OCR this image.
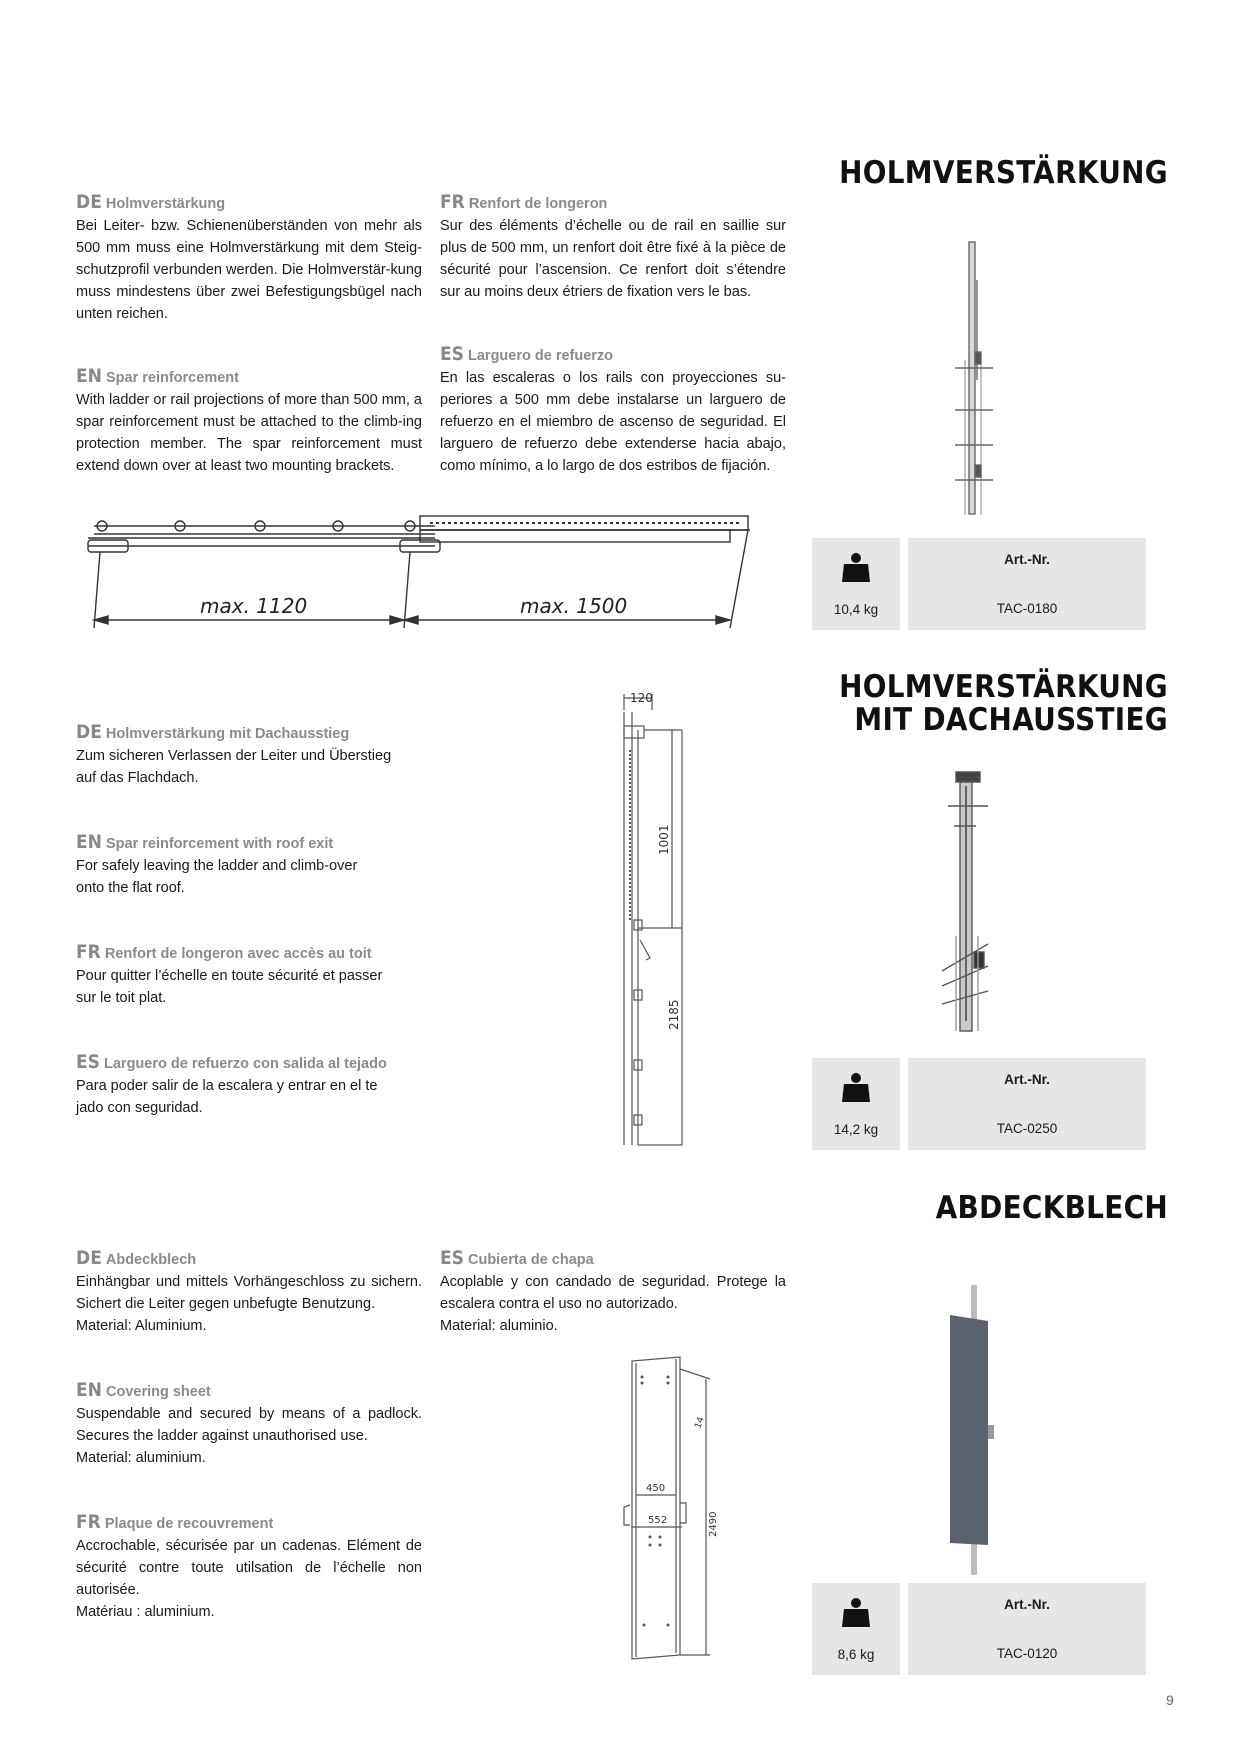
HOLMVERSTÄRKUNG
DE Holmverstärkung

Bei Leiter- bzw. Schienenüberständen von mehr als 500 mm muss eine Holmverstärkung mit dem Steig-schutzprofil verbunden werden. Die Holmverstär-kung muss mindestens über zwei Befestigungsbügel nach unten reichen.

EN Spar reinforcement

With ladder or rail projections of more than 500 mm, a spar reinforcement must be attached to the climb-ing protection member. The spar reinforcement must extend down over at least two mounting brackets.

FR Renfort de longeron

Sur des éléments d’échelle ou de rail en saillie sur plus de 500 mm, un renfort doit être fixé à la pièce de sécurité pour l’ascension. Ce renfort doit s’étendre sur au moins deux étriers de fixation vers le bas.

ES Larguero de refuerzo

En las escaleras o los rails con proyecciones su-periores a 500 mm debe instalarse un larguero de refuerzo en el miembro de ascenso de seguridad. El larguero de refuerzo debe extenderse hacia abajo, como mínimo, a lo largo de dos estribos de fijación.

max. 1120	max. 1500	10,4 kg
Art.-Nr.
TAC-0180
HOLMVERSTÄRKUNG
MIT DACHAUSSTIEG
DE Holmverstärkung mit Dachausstieg

Zum sicheren Verlassen der Leiter und Überstieg

auf das Flachdach.

EN Spar reinforcement with roof exit

For safely leaving the ladder and climb-over

onto the flat roof.

FR Renfort de longeron avec accès au toit

Pour quitter l’échelle en toute sécurité et passer

sur le toit plat.

ES Larguero de refuerzo con salida al tejado

Para poder salir de la escalera y entrar en el te

jado con seguridad.

120
1001
2185
14,2 kg
Art.-Nr.
TAC-0250
ABDECKBLECH
DE Abdeckblech

Einhängbar und mittels Vorhängeschloss zu sichern. Sichert die Leiter gegen unbefugte Benutzung.

Material: Aluminium.

EN Covering sheet

Suspendable and secured by means of a padlock. Secures the ladder against unauthorised use.

Material: aluminium.

FR Plaque de recouvrement

Accrochable, sécurisée par un cadenas. Elément de sécurité contre toute utilsation de l’échelle non autorisée.

Matériau : aluminium.

ES Cubierta de chapa

Acoplable y con candado de seguridad. Protege la escalera contra el uso no autorizado.

Material: aluminio.

450
552	2490
14
8,6 kg
Art.-Nr.
TAC-0120
9
